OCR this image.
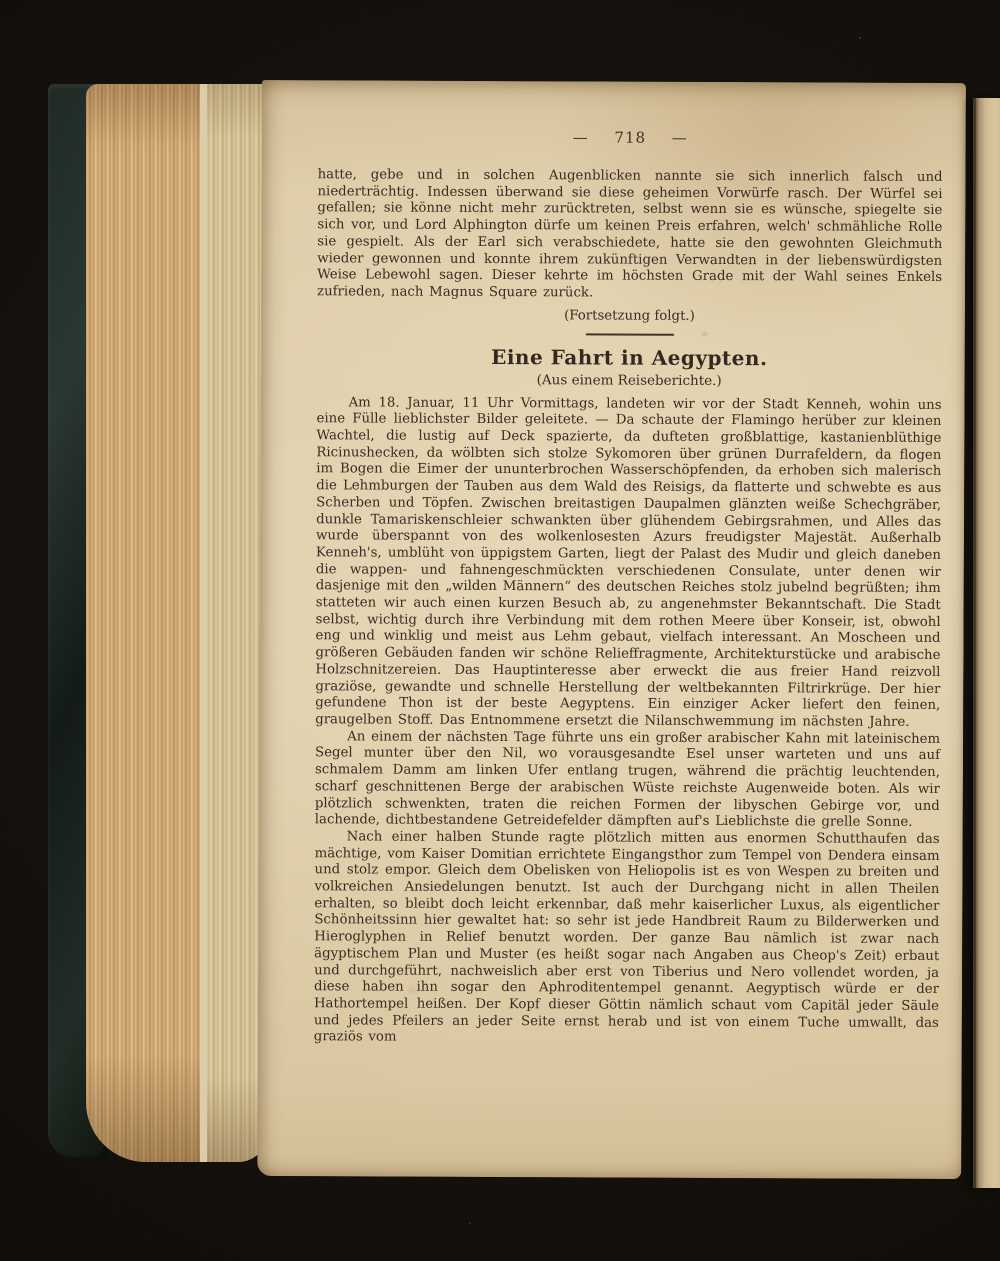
— 718 —

hatte, gebe und in solchen Augenblicken nannte sie sich innerlich falsch und niederträchtig. Indessen überwand sie diese geheimen Vorwürfe rasch. Der Würfel sei gefallen; sie könne nicht mehr zurücktreten, selbst wenn sie es wünsche, spiegelte sie sich vor, und Lord Alphington dürfe um keinen Preis erfahren, welch' schmähliche Rolle sie gespielt. Als der Earl sich verabschiedete, hatte sie den gewohnten Gleichmuth wieder gewonnen und konnte ihrem zukünftigen Verwandten in der liebenswürdigsten Weise Lebewohl sagen. Dieser kehrte im höchsten Grade mit der Wahl seines Enkels zufrieden, nach Magnus Square zurück.

(Fortsetzung folgt.)

Eine Fahrt in Aegypten.
(Aus einem Reiseberichte.)

Am 18. Januar, 11 Uhr Vormittags, landeten wir vor der Stadt Kenneh, wohin uns eine Fülle lieblichster Bilder geleitete. — Da schaute der Flamingo herüber zur kleinen Wachtel, die lustig auf Deck spazierte, da dufteten großblattige, kastanienblüthige Ricinushecken, da wölbten sich stolze Sykomoren über grünen Durrafeldern, da flogen im Bogen die Eimer der ununterbrochen Wasserschöpfenden, da erhoben sich malerisch die Lehmburgen der Tauben aus dem Wald des Reisigs, da flatterte und schwebte es aus Scherben und Töpfen. Zwischen breitastigen Daupalmen glänzten weiße Schechgräber, dunkle Tamariskenschleier schwankten über glühendem Gebirgsrahmen, und Alles das wurde überspannt von des wolkenlosesten Azurs freudigster Majestät. Außerhalb Kenneh's, umblüht von üppigstem Garten, liegt der Palast des Mudir und gleich daneben die wappen- und fahnengeschmückten verschiedenen Consulate, unter denen wir dasjenige mit den „wilden Männern“ des deutschen Reiches stolz jubelnd begrüßten; ihm statteten wir auch einen kurzen Besuch ab, zu angenehmster Bekanntschaft. Die Stadt selbst, wichtig durch ihre Verbindung mit dem rothen Meere über Konseir, ist, obwohl eng und winklig und meist aus Lehm gebaut, vielfach interessant. An Moscheen und größeren Gebäuden fanden wir schöne Relieffragmente, Architekturstücke und arabische Holzschnitzereien. Das Hauptinteresse aber erweckt die aus freier Hand reizvoll graziöse, gewandte und schnelle Herstellung der weltbekannten Filtrirkrüge. Der hier gefundene Thon ist der beste Aegyptens. Ein einziger Acker liefert den feinen, graugelben Stoff. Das Entnommene ersetzt die Nilanschwemmung im nächsten Jahre.

An einem der nächsten Tage führte uns ein großer arabischer Kahn mit lateinischem Segel munter über den Nil, wo vorausgesandte Esel unser warteten und uns auf schmalem Damm am linken Ufer entlang trugen, während die prächtig leuchtenden, scharf geschnittenen Berge der arabischen Wüste reichste Augenweide boten. Als wir plötzlich schwenkten, traten die reichen Formen der libyschen Gebirge vor, und lachende, dichtbestandene Getreidefelder dämpften auf's Lieblichste die grelle Sonne.

Nach einer halben Stunde ragte plötzlich mitten aus enormen Schutthaufen das mächtige, vom Kaiser Domitian errichtete Eingangsthor zum Tempel von Dendera einsam und stolz empor. Gleich dem Obelisken von Heliopolis ist es von Wespen zu breiten und volkreichen Ansiedelungen benutzt. Ist auch der Durchgang nicht in allen Theilen erhalten, so bleibt doch leicht erkennbar, daß mehr kaiserlicher Luxus, als eigentlicher Schönheitssinn hier gewaltet hat: so sehr ist jede Handbreit Raum zu Bilderwerken und Hieroglyphen in Relief benutzt worden. Der ganze Bau nämlich ist zwar nach ägyptischem Plan und Muster (es heißt sogar nach Angaben aus Cheop's Zeit) erbaut und durchgeführt, nachweislich aber erst von Tiberius und Nero vollendet worden, ja diese haben ihn sogar den Aphroditentempel genannt. Aegyptisch würde er der Hathortempel heißen. Der Kopf dieser Göttin nämlich schaut vom Capitäl jeder Säule und jedes Pfeilers an jeder Seite ernst herab und ist von einem Tuche umwallt, das graziös vom
